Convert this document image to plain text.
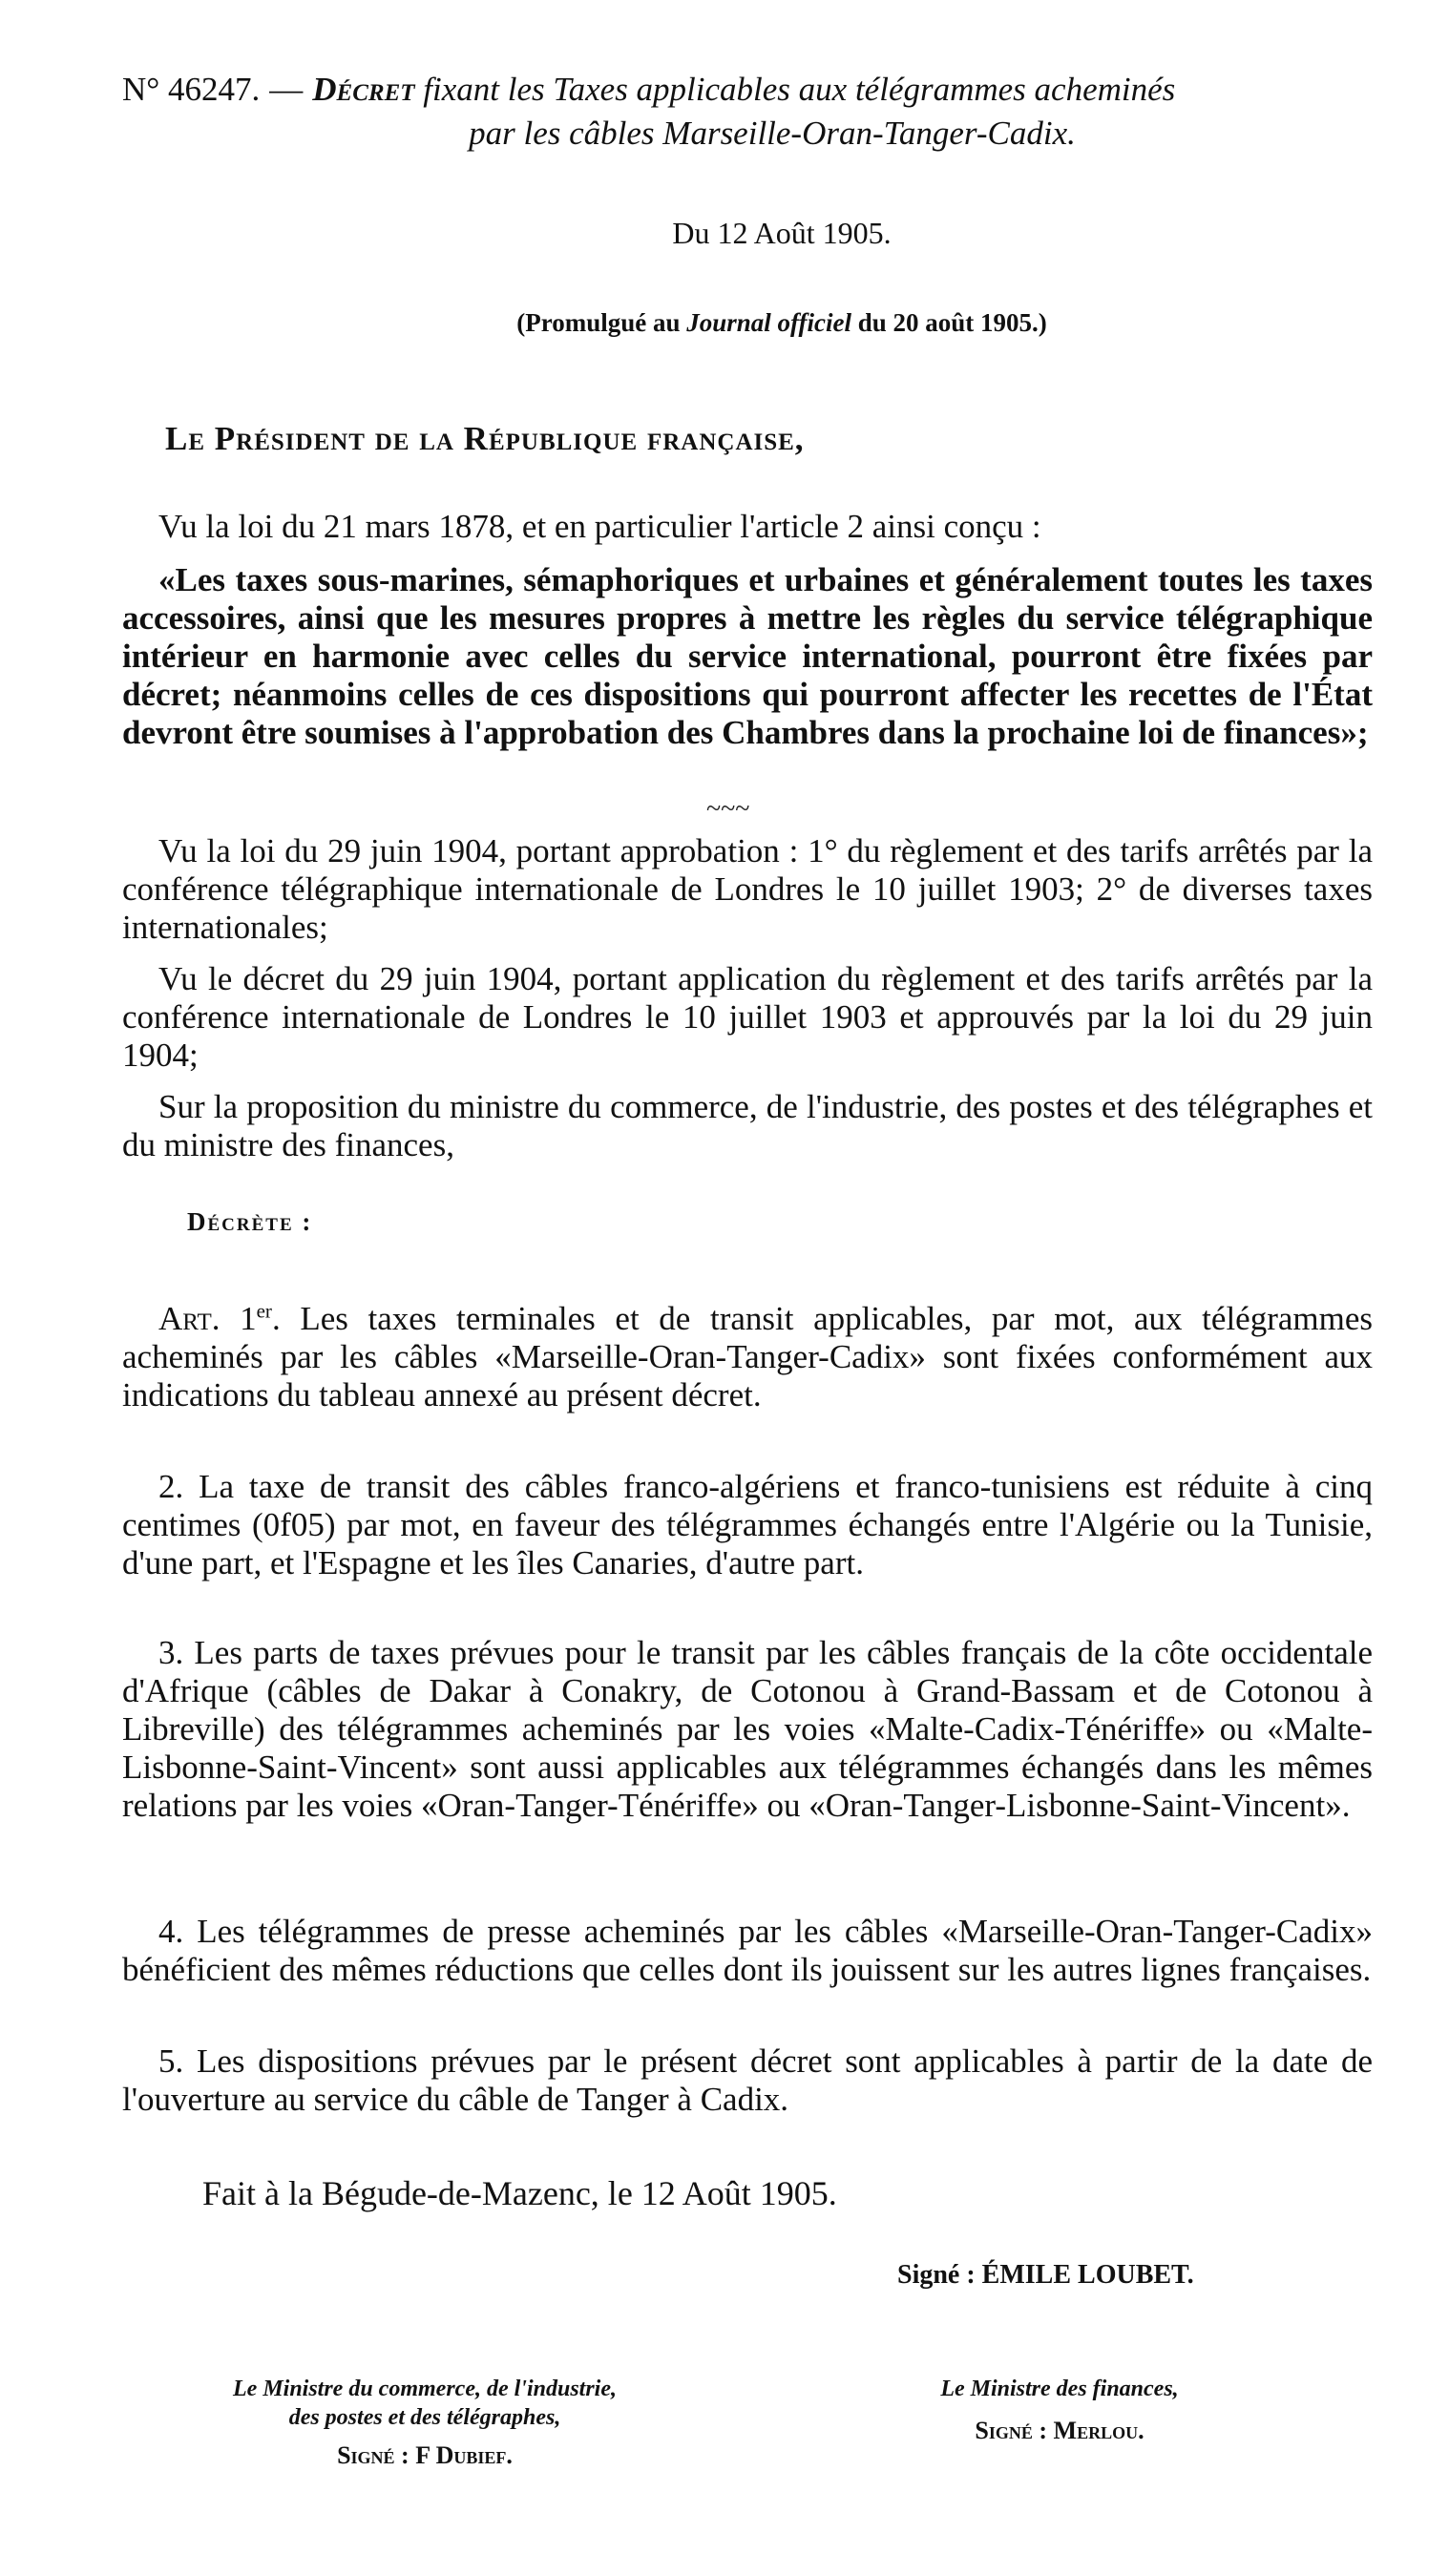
N° 46247. — Décret fixant les Taxes applicables aux télégrammes acheminés
par les câbles Marseille-Oran-Tanger-Cadix.
Du 12 Août 1905.
(Promulgué au Journal officiel du 20 août 1905.)
Le Président de la République française,
Vu la loi du 21 mars 1878, et en particulier l'article 2 ainsi conçu :
«Les taxes sous-marines, sémaphoriques et urbaines et généralement toutes les taxes accessoires, ainsi que les mesures propres à mettre les règles du service télégraphique intérieur en harmonie avec celles du service international, pourront être fixées par décret; néanmoins celles de ces dispositions qui pourront affecter les recettes de l'État devront être soumises à l'approbation des Chambres dans la prochaine loi de finances»;
~~~
Vu la loi du 29 juin 1904, portant approbation : 1° du règlement et des tarifs arrêtés par la conférence télégraphique internationale de Londres le 10 juillet 1903; 2° de diverses taxes internationales;
Vu le décret du 29 juin 1904, portant application du règlement et des tarifs arrêtés par la conférence internationale de Londres le 10 juillet 1903 et approuvés par la loi du 29 juin 1904;
Sur la proposition du ministre du commerce, de l'industrie, des postes et des télégraphes et du ministre des finances,
Décrète :
Art. 1er. Les taxes terminales et de transit applicables, par mot, aux télégrammes acheminés par les câbles «Marseille-Oran-Tanger-Cadix» sont fixées conformément aux indications du tableau annexé au présent décret.
2. La taxe de transit des câbles franco-algériens et franco-tunisiens est réduite à cinq centimes (0f05) par mot, en faveur des télégrammes échangés entre l'Algérie ou la Tunisie, d'une part, et l'Espagne et les îles Canaries, d'autre part.
3. Les parts de taxes prévues pour le transit par les câbles français de la côte occidentale d'Afrique (câbles de Dakar à Conakry, de Cotonou à Grand-Bassam et de Cotonou à Libreville) des télégrammes acheminés par les voies «Malte-Cadix-Ténériffe» ou «Malte-Lisbonne-Saint-Vincent» sont aussi applicables aux télégrammes échangés dans les mêmes relations par les voies «Oran-Tanger-Ténériffe» ou «Oran-Tanger-Lisbonne-Saint-Vincent».
4. Les télégrammes de presse acheminés par les câbles «Marseille-Oran-Tanger-Cadix» bénéficient des mêmes réductions que celles dont ils jouissent sur les autres lignes françaises.
5. Les dispositions prévues par le présent décret sont applicables à partir de la date de l'ouverture au service du câble de Tanger à Cadix.
Fait à la Bégude-de-Mazenc, le 12 Août 1905.
Signé : ÉMILE LOUBET.
Le Ministre du commerce, de l'industrie,
des postes et des télégraphes,
Signé : F Dubief.
Le Ministre des finances,
Signé : Merlou.
